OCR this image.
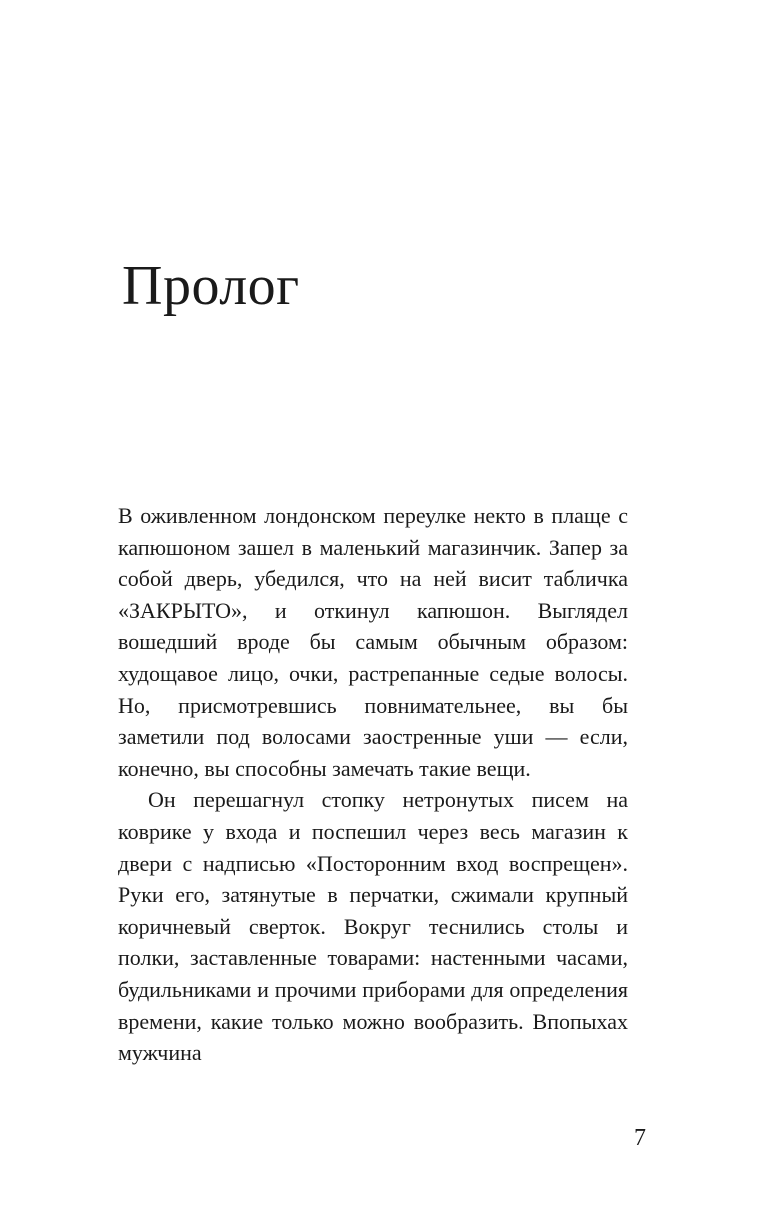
Пролог

В оживленном лондонском переулке некто в плаще с капюшоном зашел в маленький магазинчик. Запер за собой дверь, убедился, что на ней висит табличка «ЗАКРЫТО», и откинул капюшон. Выглядел вошедший вроде бы самым обычным образом: худощавое лицо, очки, растрепанные седые волосы. Но, присмотревшись повнимательнее, вы бы заметили под волосами заостренные уши — если, конечно, вы способны замечать такие вещи.

Он перешагнул стопку нетронутых писем на коврике у входа и поспешил через весь магазин к двери с надписью «Посторонним вход воспрещен». Руки его, затянутые в перчатки, сжимали крупный коричневый сверток. Вокруг теснились столы и полки, заставленные товарами: настенными часами, будильниками и прочими приборами для определения времени, какие только можно вообразить. Впопыхах мужчина

7
